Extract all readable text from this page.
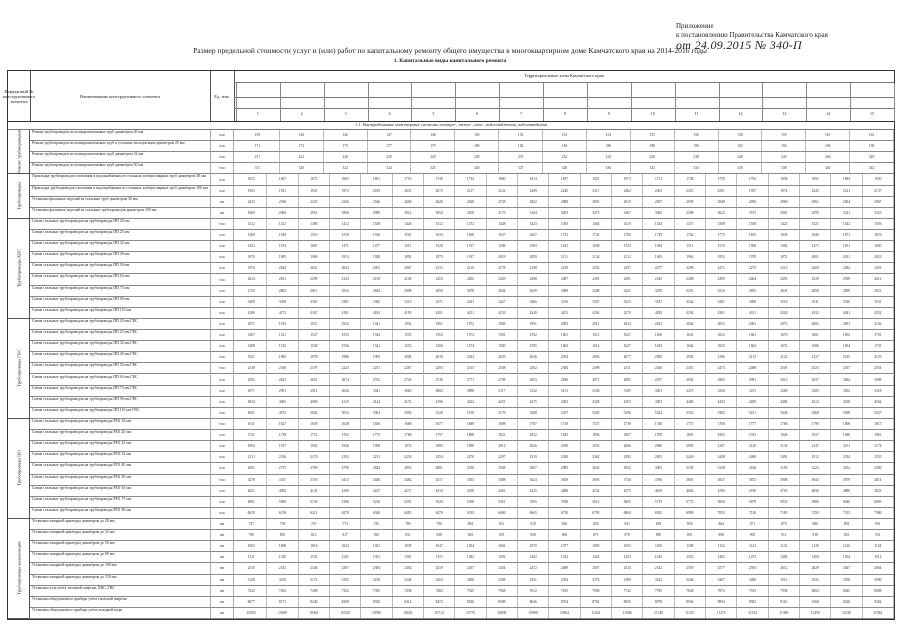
Приложение
к постановлению Правительства Камчатского края
от 24.09.2015 № 340-П
Размер предельной стоимости услуг и (или) работ по капитальному ремонту общего имущества в многоквартирном доме Камчатского края на 2014-2016 годы
1. Капитальные виды капитального ремонта
Порядковый № конструктивного элемента
Наименование конструктивного элемента	Ед. изм.
Территориальные зоны Камчатского края
1	2	3	4	5	6	7	8	9	10	11	12	13	14	15
1.1. Внутридомовые инженерные системы электро-, тепло-, газо-, водоснабжения, водоотведения
Ремонт трубопроводов из полипропиленовых труб диаметром 20 мм
п.м	139	146	146	147	148	150	152	153	154	155	156	158	159	161	162
Ремонт трубопроводов из полипропиленовых труб в условиях эксплуатации диаметром 25 мм
п.м	171	173	175	177	179	180	182	184	186	188	190	192	194	196	198
Ремонт трубопроводов из полипропиленовых труб диаметром 32 мм
п.м	217	222	226	229	229	230	231	232	234	236	238	240	243	246	249
Ремонт трубопроводов из полипропиленовых труб диаметром 50 мм
п.м	311	320	322	324	325	326	327	328	330	332	334	336	338	340	342
Прокладка трубопроводов отопления и водоснабжения из стальных электросварных труб диаметром 50 мм
п.м	1653	1667	1673	1683	1691	1719	1748	1732	1800	1814	1857	1921	1973	1711	1748	1759	1792	1858	1891	1893	1930
Прокладка трубопроводов отопления и водоснабжения из стальных электросварных труб диаметром 100 мм
п.м	1903	1921	1941	1972	2019	2031	2072	2117	2122	2209	2245	2311	2462	2405	2453	2501	1937	1974	2245	2141	2137
Установка фасонных изделий из стальных труб диаметром 50 мм
шт	2433	2556	2325	2336	2546	2600	2620	2628	2728	2822	2888	2891	2919	2937	2939	2948	2956	2960	2961	2964	2967
Установка фасонных изделий из стальных трубопроводов диаметром 100 мм
шт	2969	2984	2951	2998	2999	3012	3054	3109	3173	3104	3203	3273	3467	3465	3498	3622	3573	2961	2599	3241	3323
Смена стальных трубопроводов на трубопроводы ПП 20 мм
п.м	1412	1421	1380	1412	1528	1426	1512	1472	1428	1423	1493	1464	1410	1434	1471	1508	1558	1423	1521	1542	1556
Смена стальных трубопроводов на трубопроводы ПП 25 мм
п.м	1490	1549	1519	1539	1536	1561	1633	1600	1637	1667	1723	1743	1706	1729	1762	1773	1815	1839	1846	1871	1876
Смена стальных трубопроводов на трубопроводы ПП 32 мм
п.м	1452	1474	1667	1471	1477	1511	1529	1517	1586	1583	1625	1658	1723	1494	1511	1519	1508	1482	1475	1451	1600
Смена стальных трубопроводов на трубопроводы ПП 40 мм
п.м	1870	1995	1969	1913	1928	1992	1975	1917	2019	2059	2111	2134	2112	1943	1962	1952	1979	1972	2001	2011	2023
Смена стальных трубопроводов на трубопроводы ПП 50 мм
п.м	1976	2024	2021	2043	2052	2067	2115	2119	2178	2198	2210	2252	2297	2277	2299	2271	2275	2313	2269	2282	2301
Смена стальных трубопроводов на трубопроводы ПП 63 мм
п.м	2024	2031	2299	2143	2158	2149	2203	2263	2429	2488	2487	2491	2491	2345	2498	2499	2464	2493	2520	2599	2612
Смена стальных трубопроводов на трубопроводы ПП 75 мм
п.м	2739	2802	2813	2933	2844	2998	2950	3078	3044	3049	3089	3208	3241	3259	3291	3310	2855	2841	2858	2899	2921
Смена стальных трубопроводов на трубопроводы ПП 90 мм
п.м	3409	3358	3361	3381	3382	3310	3371	3421	3427	3466	3516	3507	3523	3537	3542	3491	3490	3516	3511	3526	3541
Смена стальных трубопроводов на трубопроводы ПП 110 мм
п.м	4186	4172	4167	4181	4182	4193	4201	4211	4233	4240	4251	4263	4270	4283	4292	4301	4311	4320	4332	4341	4352
Смена стальных трубопроводов на трубопроводы ПП 20 мм ГВС
п.м	1871	1914	1921	1932	1941	1952	1961	1972	1983	1991	2003	2011	2024	2031	2042	2053	2061	2072	2083	2091	2102
Смена стальных трубопроводов на трубопроводы ПП 25 мм ГВС
п.м	1487	1521	1527	1535	1544	1555	1563	1572	1581	1592	1601	1612	1621	1630	1641	1652	1661	1670	1681	1692	1701
Смена стальных трубопроводов на трубопроводы ПП 32 мм ГВС
п.м	1498	1510	1528	1536	1541	1553	1566	1574	1583	1595	1602	1614	1627	1635	1642	1655	1663	1672	1686	1694	1701
Смена стальных трубопроводов на трубопроводы ПП 40 мм ГВС
п.м	1921	1965	1978	1986	1993	2004	2016	2023	2035	2046	2054	2063	2077	2085	2092	2106	2115	2123	2137	2145	2153
Смена стальных трубопроводов на трубопроводы ПП 50 мм ГВС
п.м	2149	2166	2197	2223	2251	2267	2293	2315	2338	2362	2384	2398	2411	2436	2451	2473	2488	2501	2523	2537	2554
Смена стальных трубопроводов на трубопроводы ПП 63 мм ГВС
п.м	2592	2623	2651	2674	2702	2726	2749	2771	2798	2823	2849	2871	2895	2917	2943	2965	2991	3013	3037	3062	3088
Смена стальных трубопроводов на трубопроводы ПП 75 мм ГВС
п.м	2971	2991	3012	3026	3041	3063	3082	3098	3117	3132	3151	3168	3185	3201	3219	3236	3251	3269	3285	3302	3318
Смена стальных трубопроводов на трубопроводы ПП 90 мм ГВС
п.м	4034	4065	4090	4119	4144	4172	4196	4222	4251	4275	4302	4328	4355	4381	4406	4433	4459	4485	4512	4538	4564
Смена стальных трубопроводов на трубопроводы ПП 110 мм ГВС
п.м	4941	4974	5002	5033	5061	5092	5120	5150	5179	5208	5237	5265	5296	5324	5353	5382	5411	5440	5468	5498	5527
Смена стальных трубопроводов на трубопроводы PEX 16 мм
п.м	1611	1627	1639	1648	1656	1668	1677	1689	1698	1707	1718	1727	1739	1748	1757	1768	1777	1786	1798	1806	1817
Смена стальных трубопроводов на трубопроводы PEX 20 мм
п.м	1721	1738	1751	1762	1773	1786	1797	1808	1821	1832	1843	1856	1867	1878	1891	1902	1913	1926	1937	1948	1961
Смена стальных трубопроводов на трубопроводы PEX 25 мм
п.м	1894	1917	1933	1946	1958	1972	1985	1999	2012	2026	2039	2053	2066	2080	2093	2107	2120	2134	2147	2161	2174
Смена стальных трубопроводов на трубопроводы PEX 32 мм
п.м	2113	2146	2170	2192	2211	2233	2254	2276	2297	2319	2340	2362	2383	2405	2426	2448	2469	2491	2512	2534	2555
Смена стальных трубопроводов на трубопроводы PEX 40 мм
п.м	2691	2737	2769	2798	2824	2853	2881	2910	2938	2967	2995	3024	3052	3081	3109	3138	3166	3195	3223	3252	3280
Смена стальных трубопроводов на трубопроводы PEX 50 мм
п.м	3278	3337	3376	3413	3446	3482	3517	3553	3588	3624	3659	3695	3730	3766	3801	3837	3872	3908	3943	3979	4014
Смена стальных трубопроводов на трубопроводы PEX 63 мм
п.м	4021	4092	4141	4186	4227	4271	4314	4358	4401	4445	4488	4532	4575	4619	4662	4706	4749	4793	4836	4880	4923
Смена стальных трубопроводов на трубопроводы PEX 75 мм
п.м	4981	5069	5130	5186	5236	5291	5344	5398	5451	5505	5558	5612	5665	5719	5772	5826	5879	5933	5986	6040	6093
Смена стальных трубопроводов на трубопроводы PEX 90 мм
п.м	6029	6138	6211	6278	6340	6405	6470	6535	6600	6665	6730	6795	6860	6925	6990	7055	7120	7185	7250	7315	7380
Установка запорной арматуры диаметром до 20 мм
шт	747	758	767	774	781	789	796	804	811	819	826	834	841	849	856	864	871	879	886	894	901
Установка запорной арматуры диаметром до 32 мм
шт	798	805	812	817	825	831	838	845	851	858	865	871	878	885	891	898	905	911	918	925	931
Установка запорной арматуры диаметром до 50 мм
шт	1002	1008	1016	1024	1031	1039	1047	1054	1062	1070	1077	1085	1093	1100	1108	1116	1123	1131	1139	1146	1154
Установка запорной арматуры диаметром до 80 мм
шт	1311	1320	1331	1341	1351	1361	1371	1382	1392	1402	1412	1422	1433	1443	1453	1463	1473	1484	1494	1504	1514
Установка запорной арматуры диаметром до 100 мм
шт	2310	2331	2348	2367	2384	2402	2419	2437	2454	2472	2489	2507	2524	2542	2559	2577	2594	2612	2629	2647	2664
Установка запорной арматуры диаметром до 150 мм
шт	3128	3150	3172	3195	3218	3240	3263	3286	3308	3331	3354	3376	3399	3422	3444	3467	3490	3512	3535	3558	3580
Установка узла учёта тепловой энергии, ХВС, ГВС
шт	7222	7265	7308	7352	7395	7438	7482	7525	7568	7612	7655	7698	7742	7785	7828	7872	7915	7958	8002	8045	8088
Установка общедомового прибора учёта тепловой энергии
шт	8077	8171	8240	8298	8356	8414	8472	8530	8588	8646	8704	8762	8820	8878	8936	8994	9052	9110	9168	9226	9284
Установка общедомового прибора учёта холодной воды
шт	10293	10390	10461	10528	10590	10652	10714	10776	10838	10900	10962	11024	11086	11148	11210	11272	11334	11396	11458	11520	11582
Ремонт трубопроводов
Трубопроводы
Трубопроводы ХВС
Трубопроводы ГВС
Трубопроводы ЦО
Трубопроводы канализации
